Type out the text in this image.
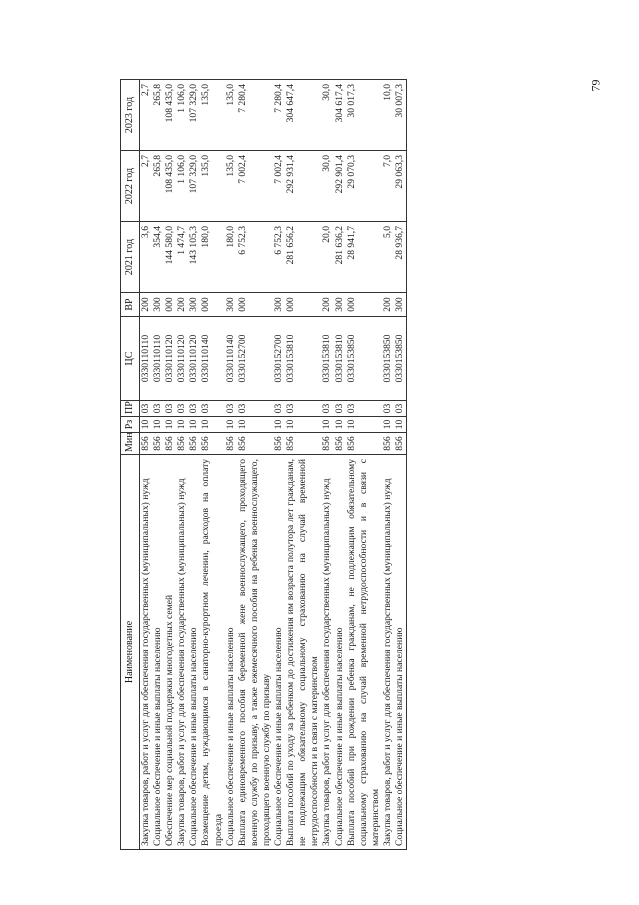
79
Наименование	Мин	Рз	ПР	ЦС	ВР	2021 год	2022 год	2023 год
Закупка товаров, работ и услуг для обеспечения государственных (муниципальных) нужд	856	10	03	0330110110	200	3,6	2,7	2,7
Социальное обеспечение и иные выплаты населению	856	10	03	0330110110	300	354,4	265,8	265,8
Обеспечение мер социальной поддержки многодетных семей	856	10	03	0330110120	000	144 580,0	108 435,0	108 435,0
Закупка товаров, работ и услуг для обеспечения государственных (муниципальных) нужд	856	10	03	0330110120	200	1 474,7	1 106,0	1 106,0
Социальное обеспечение и иные выплаты населению	856	10	03	0330110120	300	143 105,3	107 329,0	107 329,0
Возмещение детям, нуждающимся в санаторно-курортном лечении, расходов на оплату проезда	856	10	03	0330110140	000	180,0	135,0	135,0
Социальное обеспечение и иные выплаты населению	856	10	03	0330110140	300	180,0	135,0	135,0
Выплата единовременного пособия беременной жене военнослужащего, проходящего военную службу по призыву, а также ежемесячного пособия на ребенка военнослужащего, проходящего военную службу по призыву	856	10	03	0330152700	000	6 752,3	7 002,4	7 280,4
Социальное обеспечение и иные выплаты населению	856	10	03	0330152700	300	6 752,3	7 002,4	7 280,4
Выплата пособий по уходу за ребенком до достижения им возраста полутора лет гражданам, не подлежащим обязательному социальному страхованию на случай временной нетрудоспособности и в связи с материнством	856	10	03	0330153810	000	281 656,2	292 931,4	304 647,4
Закупка товаров, работ и услуг для обеспечения государственных (муниципальных) нужд	856	10	03	0330153810	200	20,0	30,0	30,0
Социальное обеспечение и иные выплаты населению	856	10	03	0330153810	300	281 636,2	292 901,4	304 617,4
Выплата пособий при рождении ребенка гражданам, не подлежащим обязательному социальному страхованию на случай временной нетрудоспособности и в связи с материнством	856	10	03	0330153850	000	28 941,7	29 070,3	30 017,3
Закупка товаров, работ и услуг для обеспечения государственных (муниципальных) нужд	856	10	03	0330153850	200	5,0	7,0	10,0
Социальное обеспечение и иные выплаты населению	856	10	03	0330153850	300	28 936,7	29 063,3	30 007,3
